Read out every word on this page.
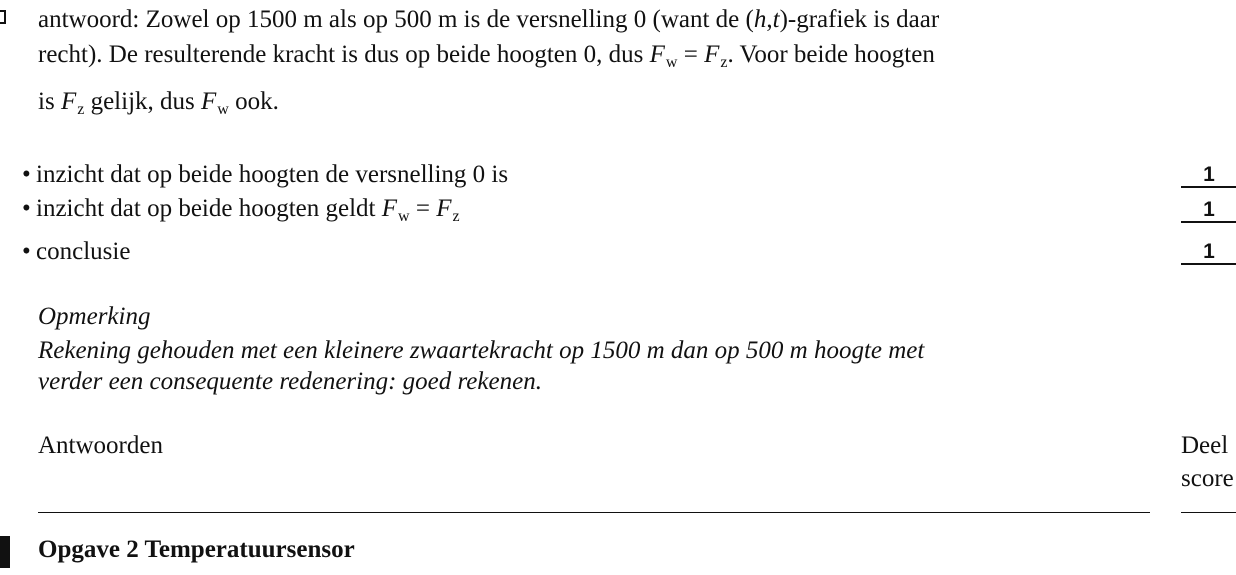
antwoord: Zowel op 1500 m als op 500 m is de versnelling 0 (want de (h,t)-grafiek is daar
recht). De resulterende kracht is dus op beide hoogten 0, dus $F_w = F_z$. Voor beide hoogten
is $F_z$ gelijk, dus $F_w$ ook.
• inzicht dat op beide hoogten de versnelling 0 is	1
• inzicht dat op beide hoogten geldt $F_w = F_z$	1
• conclusie	1
Opmerking
Rekening gehouden met een kleinere zwaartekracht op 1500 m dan op 500 m hoogte met
verder een consequente redenering: goed rekenen.
Antwoorden	Deel
score
Opgave 2 Temperatuursensor
